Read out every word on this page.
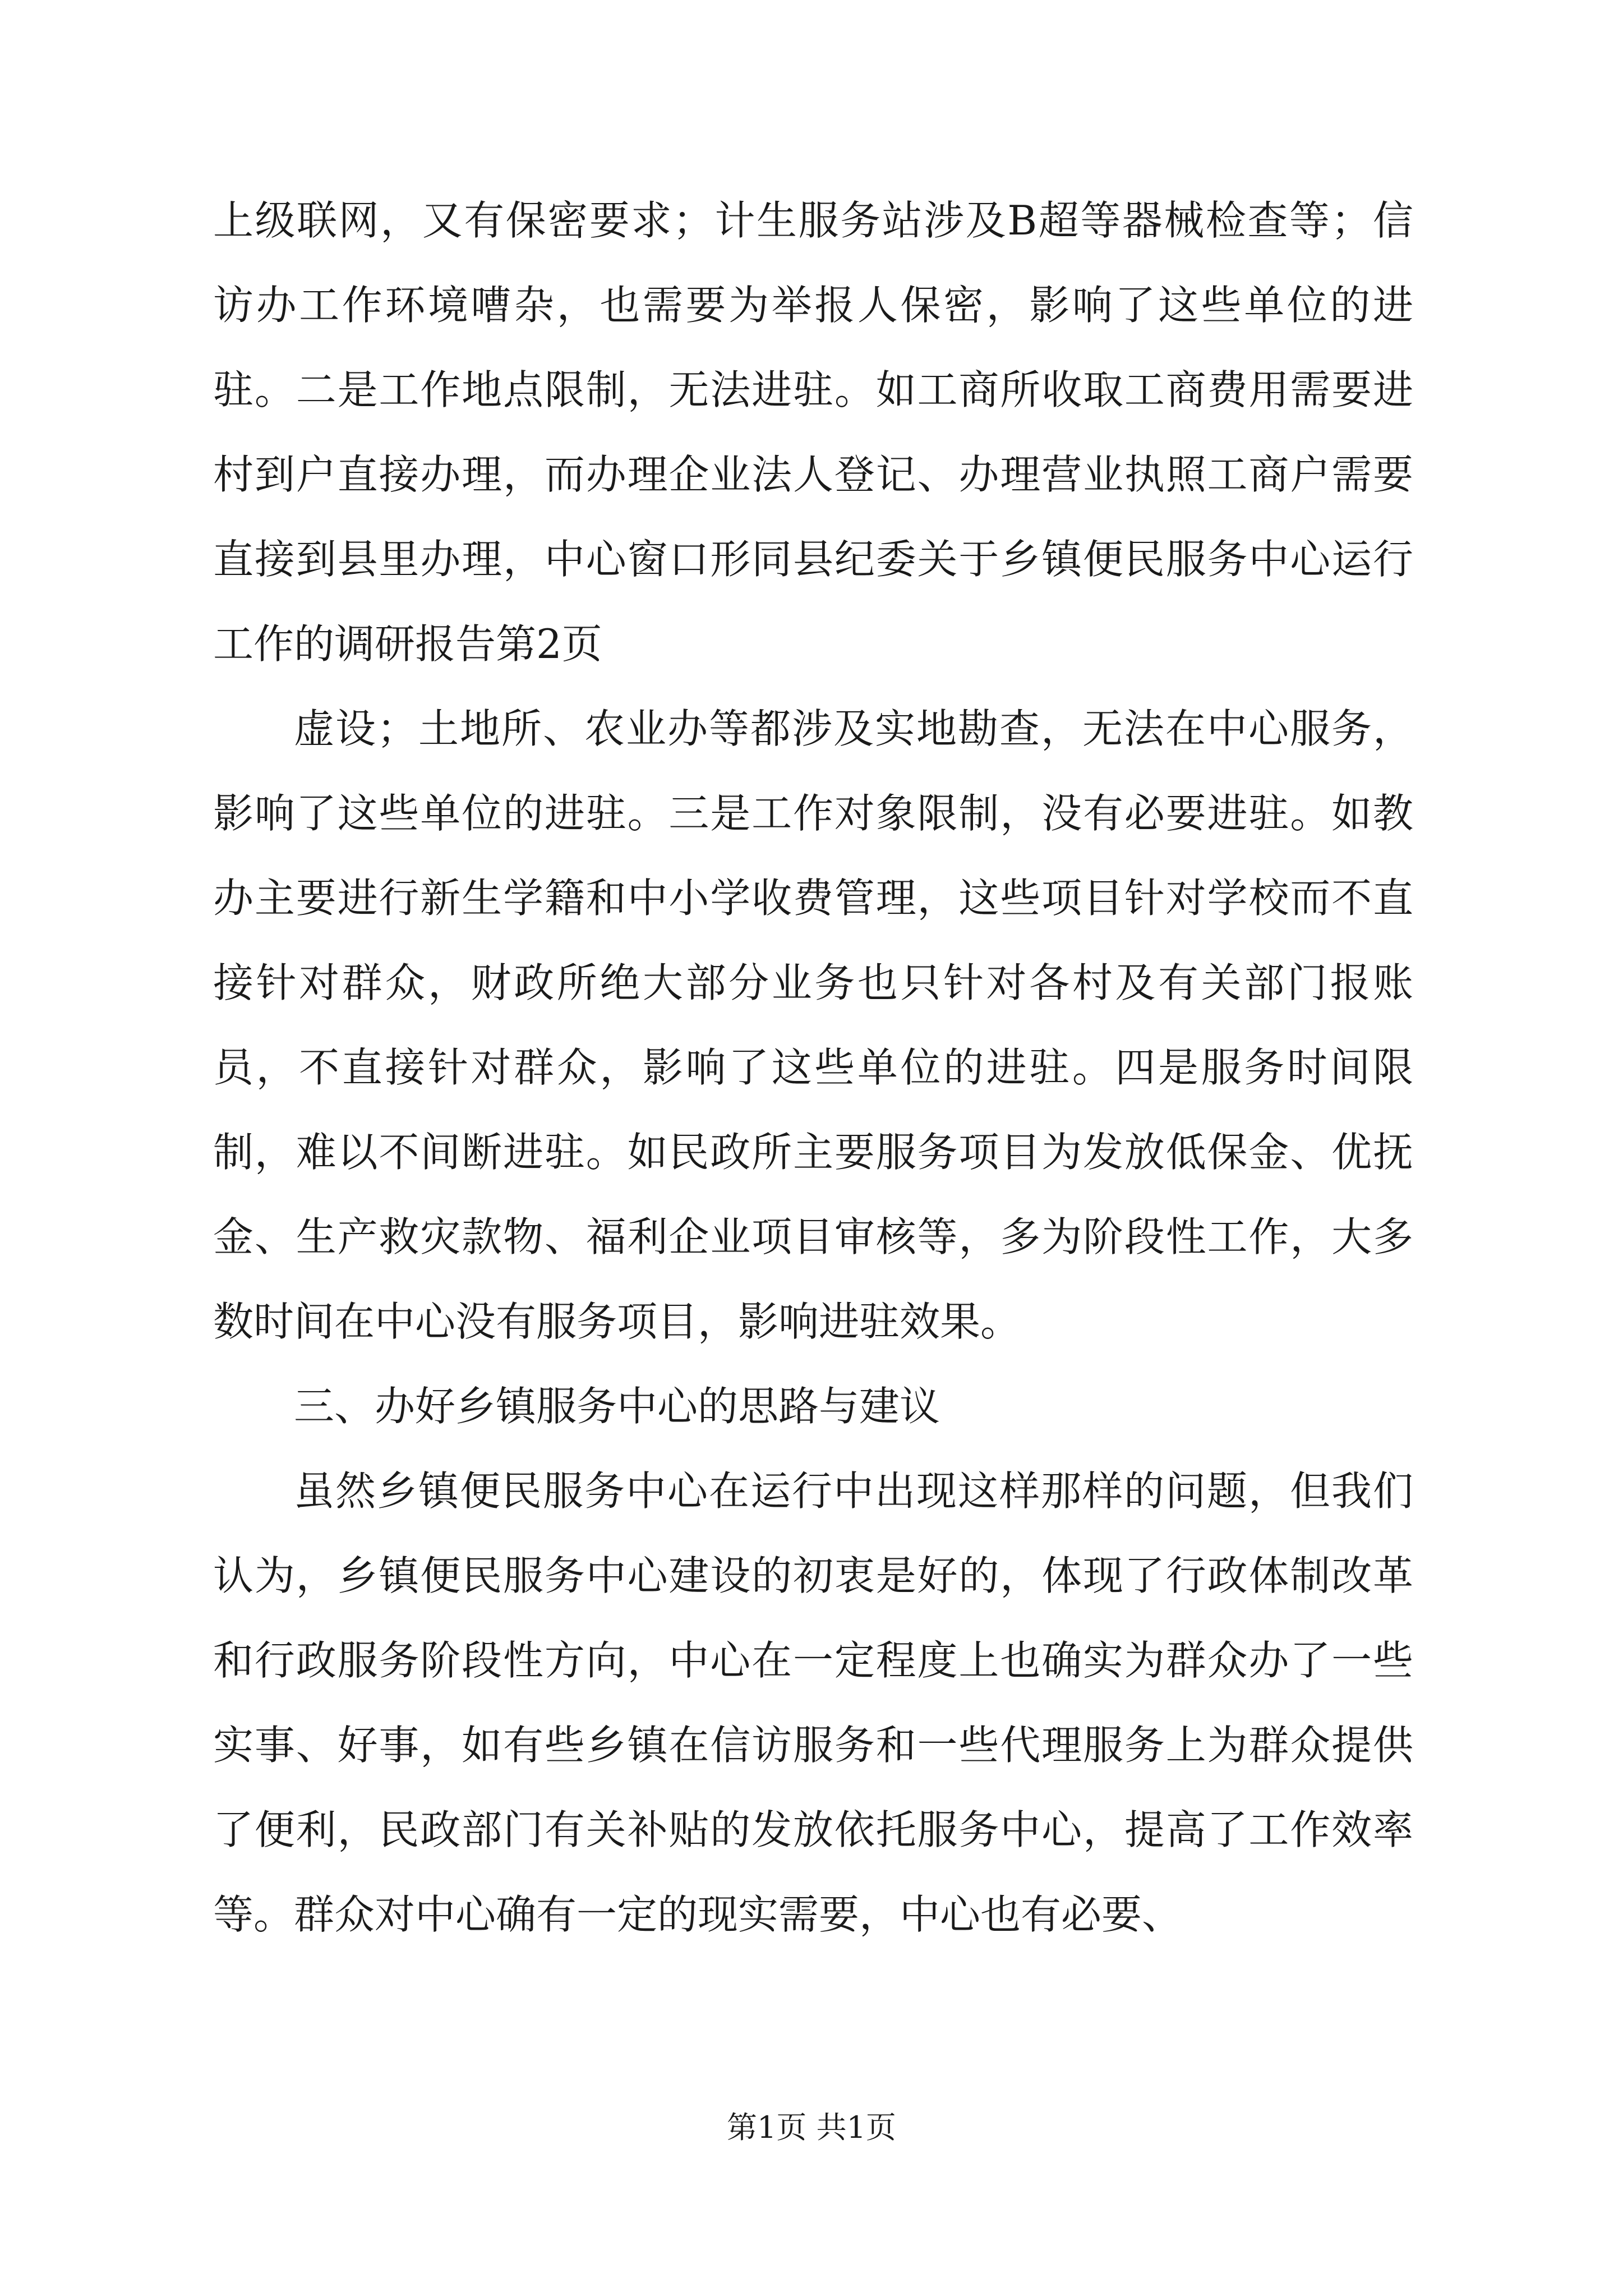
上级联网，又有保密要求；计生服务站涉及B超等器械检查等；信访办工作环境嘈杂，也需要为举报人保密，影响了这些单位的进驻。二是工作地点限制，无法进驻。如工商所收取工商费用需要进村到户直接办理，而办理企业法人登记、办理营业执照工商户需要直接到县里办理，中心窗口形同县纪委关于乡镇便民服务中心运行工作的调研报告第2页

虚设；土地所、农业办等都涉及实地勘查，无法在中心服务，影响了这些单位的进驻。三是工作对象限制，没有必要进驻。如教办主要进行新生学籍和中小学收费管理，这些项目针对学校而不直接针对群众，财政所绝大部分业务也只针对各村及有关部门报账员，不直接针对群众，影响了这些单位的进驻。四是服务时间限制，难以不间断进驻。如民政所主要服务项目为发放低保金、优抚金、生产救灾款物、福利企业项目审核等，多为阶段性工作，大多数时间在中心没有服务项目，影响进驻效果。

三、办好乡镇服务中心的思路与建议

虽然乡镇便民服务中心在运行中出现这样那样的问题，但我们认为，乡镇便民服务中心建设的初衷是好的，体现了行政体制改革和行政服务阶段性方向，中心在一定程度上也确实为群众办了一些实事、好事，如有些乡镇在信访服务和一些代理服务上为群众提供了便利，民政部门有关补贴的发放依托服务中心，提高了工作效率等。群众对中心确有一定的现实需要，中心也有必要、

第1页 共1页
